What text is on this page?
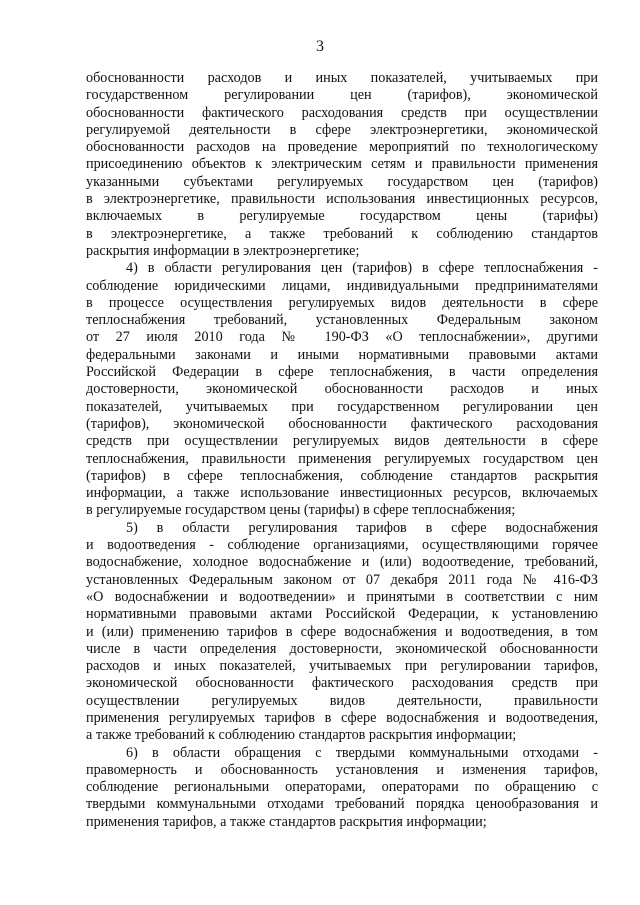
3
обоснованности расходов и иных показателей, учитываемых при
государственном регулировании цен (тарифов), экономической
обоснованности фактического расходования средств при осуществлении
регулируемой деятельности в сфере электроэнергетики, экономической
обоснованности расходов на проведение мероприятий по технологическому
присоединению объектов к электрическим сетям и правильности применения
указанными субъектами регулируемых государством цен (тарифов)
в электроэнергетике, правильности использования инвестиционных ресурсов,
включаемых в регулируемые государством цены (тарифы)
в электроэнергетике, а также требований к соблюдению стандартов
раскрытия информации в электроэнергетике;
4) в области регулирования цен (тарифов) в сфере теплоснабжения -
соблюдение юридическими лицами, индивидуальными предпринимателями
в процессе осуществления регулируемых видов деятельности в сфере
теплоснабжения требований, установленных Федеральным законом
от 27 июля 2010 года № 190-ФЗ «О теплоснабжении», другими
федеральными законами и иными нормативными правовыми актами
Российской Федерации в сфере теплоснабжения, в части определения
достоверности, экономической обоснованности расходов и иных
показателей, учитываемых при государственном регулировании цен
(тарифов), экономической обоснованности фактического расходования
средств при осуществлении регулируемых видов деятельности в сфере
теплоснабжения, правильности применения регулируемых государством цен
(тарифов) в сфере теплоснабжения, соблюдение стандартов раскрытия
информации, а также использование инвестиционных ресурсов, включаемых
в регулируемые государством цены (тарифы) в сфере теплоснабжения;
5) в области регулирования тарифов в сфере водоснабжения
и водоотведения - соблюдение организациями, осуществляющими горячее
водоснабжение, холодное водоснабжение и (или) водоотведение, требований,
установленных Федеральным законом от 07 декабря 2011 года № 416-ФЗ
«О водоснабжении и водоотведении» и принятыми в соответствии с ним
нормативными правовыми актами Российской Федерации, к установлению
и (или) применению тарифов в сфере водоснабжения и водоотведения, в том
числе в части определения достоверности, экономической обоснованности
расходов и иных показателей, учитываемых при регулировании тарифов,
экономической обоснованности фактического расходования средств при
осуществлении регулируемых видов деятельности, правильности
применения регулируемых тарифов в сфере водоснабжения и водоотведения,
а также требований к соблюдению стандартов раскрытия информации;
6) в области обращения с твердыми коммунальными отходами -
правомерность и обоснованность установления и изменения тарифов,
соблюдение региональными операторами, операторами по обращению с
твердыми коммунальными отходами требований порядка ценообразования и
применения тарифов, а также стандартов раскрытия информации;
